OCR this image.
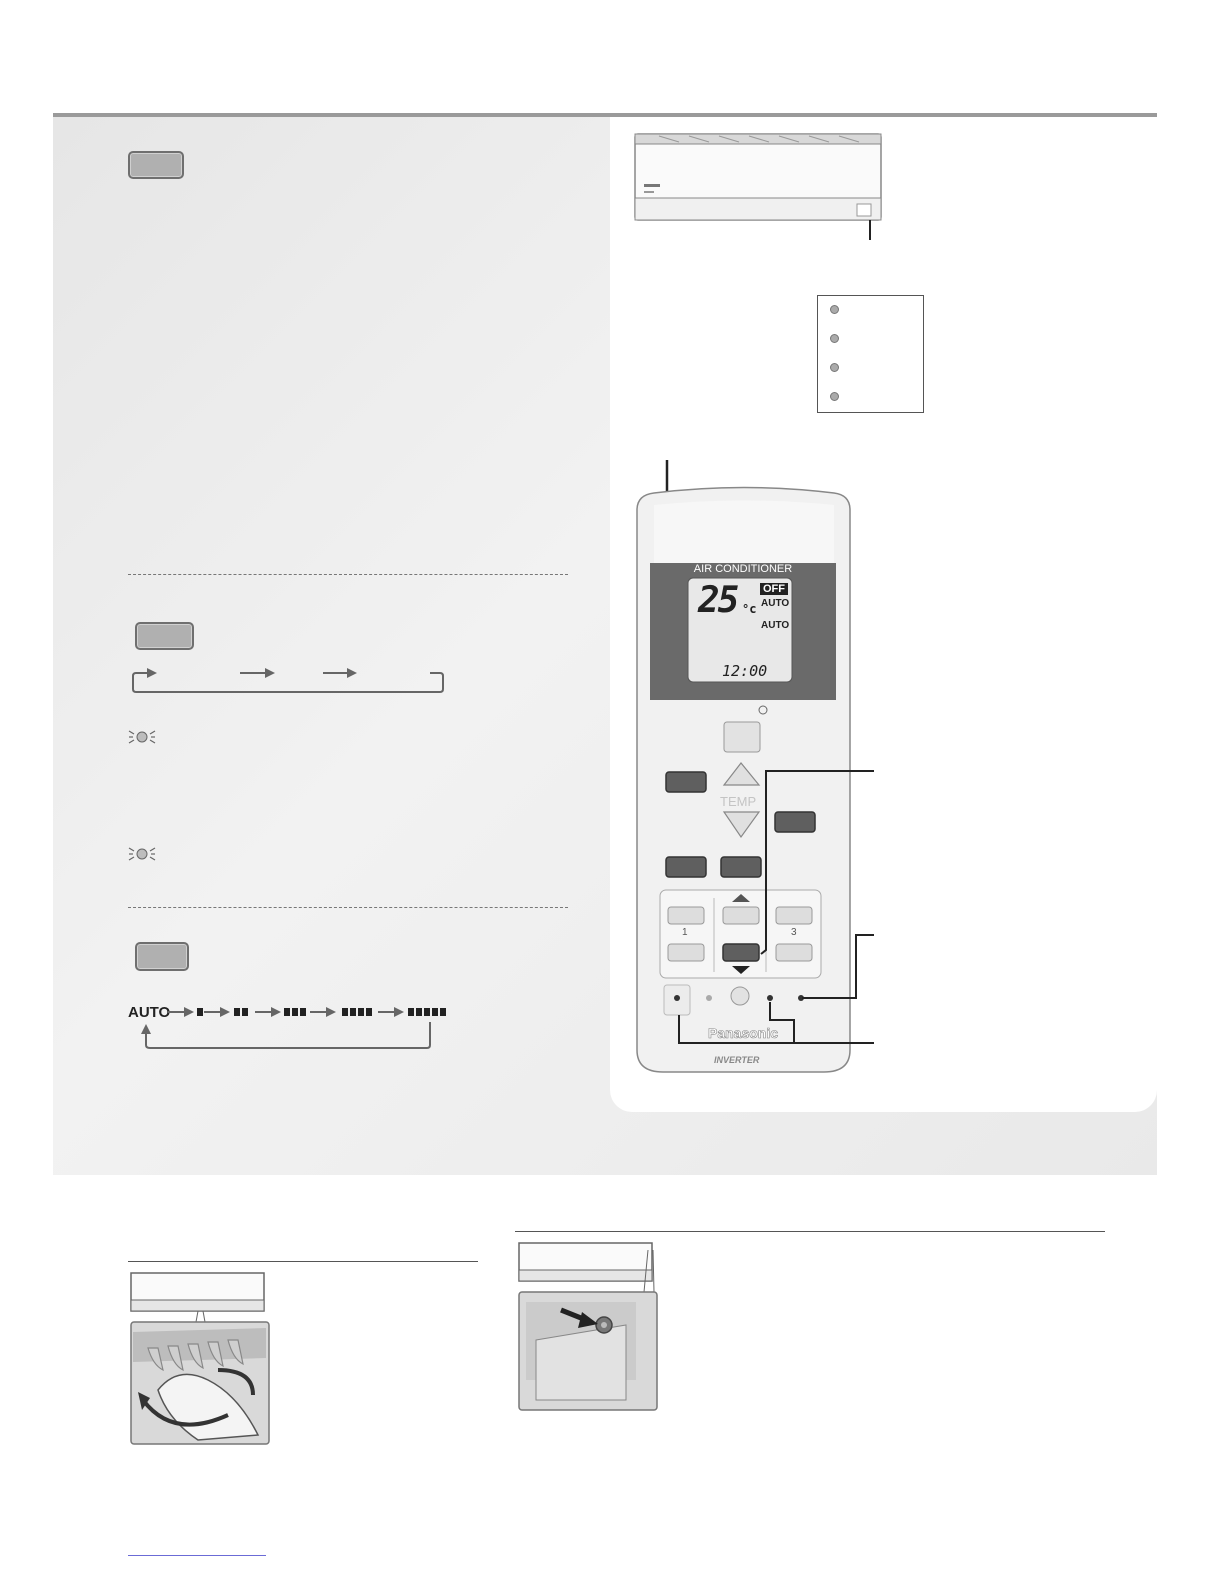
AUTO
AIR CONDITIONER
25 °c
OFF
AUTO
AUTO
12:00
TEMP
1	3
Panasonic
INVERTER
